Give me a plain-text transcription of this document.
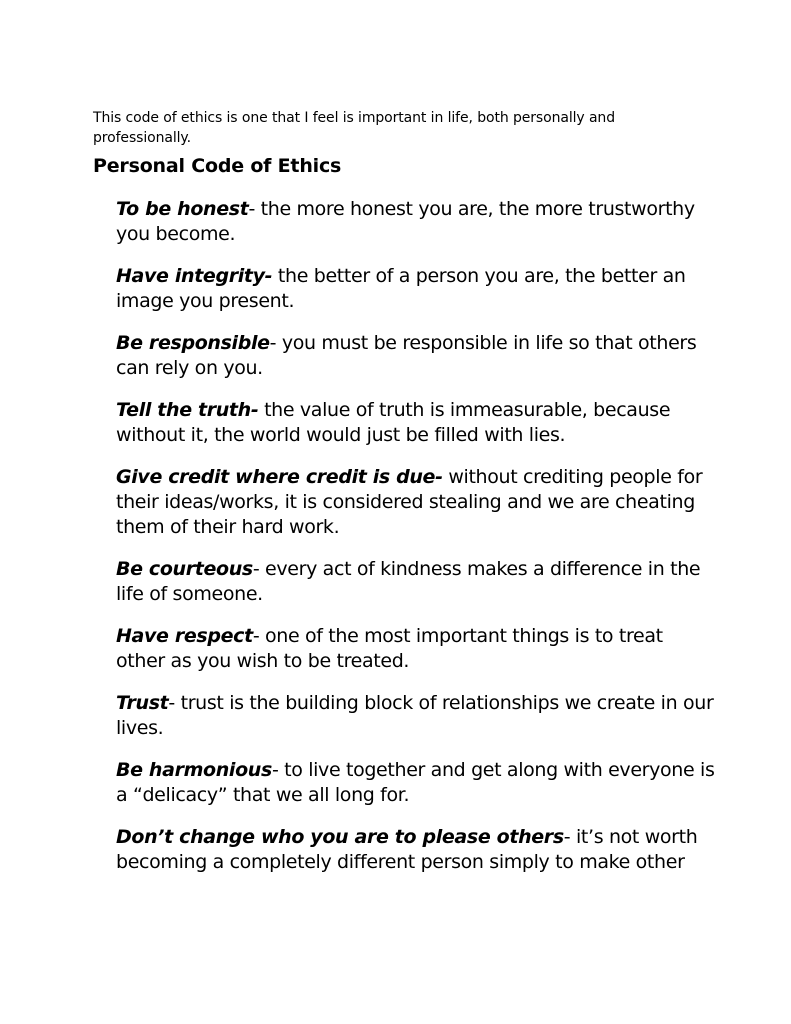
This code of ethics is one that I feel is important in life, both personally and professionally.

Personal Code of Ethics
To be honest- the more honest you are, the more trustworthy you become.
Have integrity- the better of a person you are, the better an image you present.
Be responsible- you must be responsible in life so that others can rely on you.
Tell the truth- the value of truth is immeasurable, because without it, the world would just be filled with lies.
Give credit where credit is due- without crediting people for their ideas/works, it is considered stealing and we are cheating them of their hard work.
Be courteous- every act of kindness makes a difference in the life of someone.
Have respect- one of the most important things is to treat other as you wish to be treated.
Trust- trust is the building block of relationships we create in our lives.
Be harmonious- to live together and get along with everyone is a “delicacy” that we all long for.
Don’t change who you are to please others- it’s not worth becoming a completely different person simply to make other
